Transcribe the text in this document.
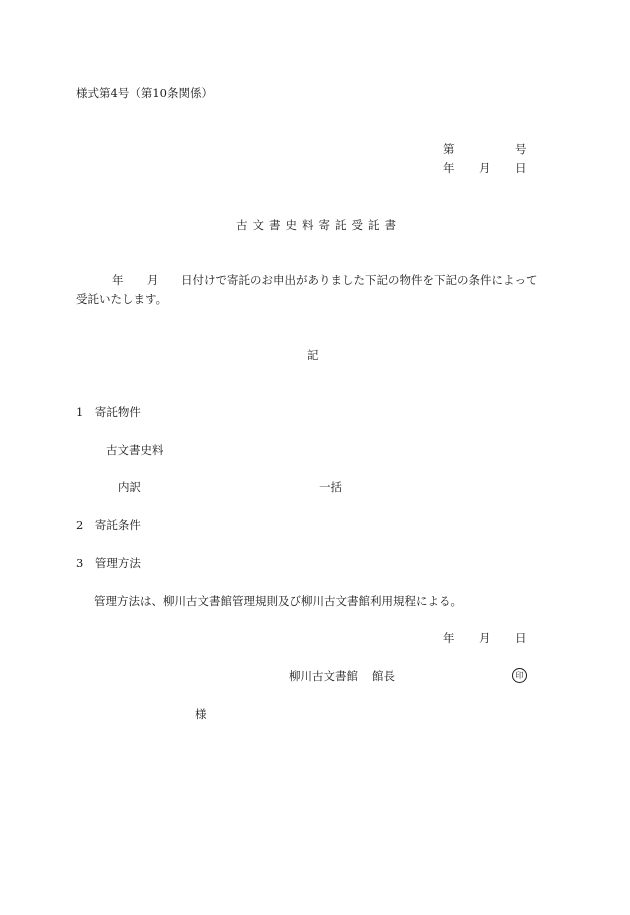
様式第4号（第10条関係）
第	号
年 月 日
古文書史料寄託受託書
年 月 日付けで寄託のお申出がありました下記の物件を下記の条件によって
受託いたします。
記
1　寄託物件
古文書史料
内訳	一括
2　寄託条件
3　管理方法
管理方法は、柳川古文書館管理規則及び柳川古文書館利用規程による。
年 月 日
柳川古文書館 館長	印
様
